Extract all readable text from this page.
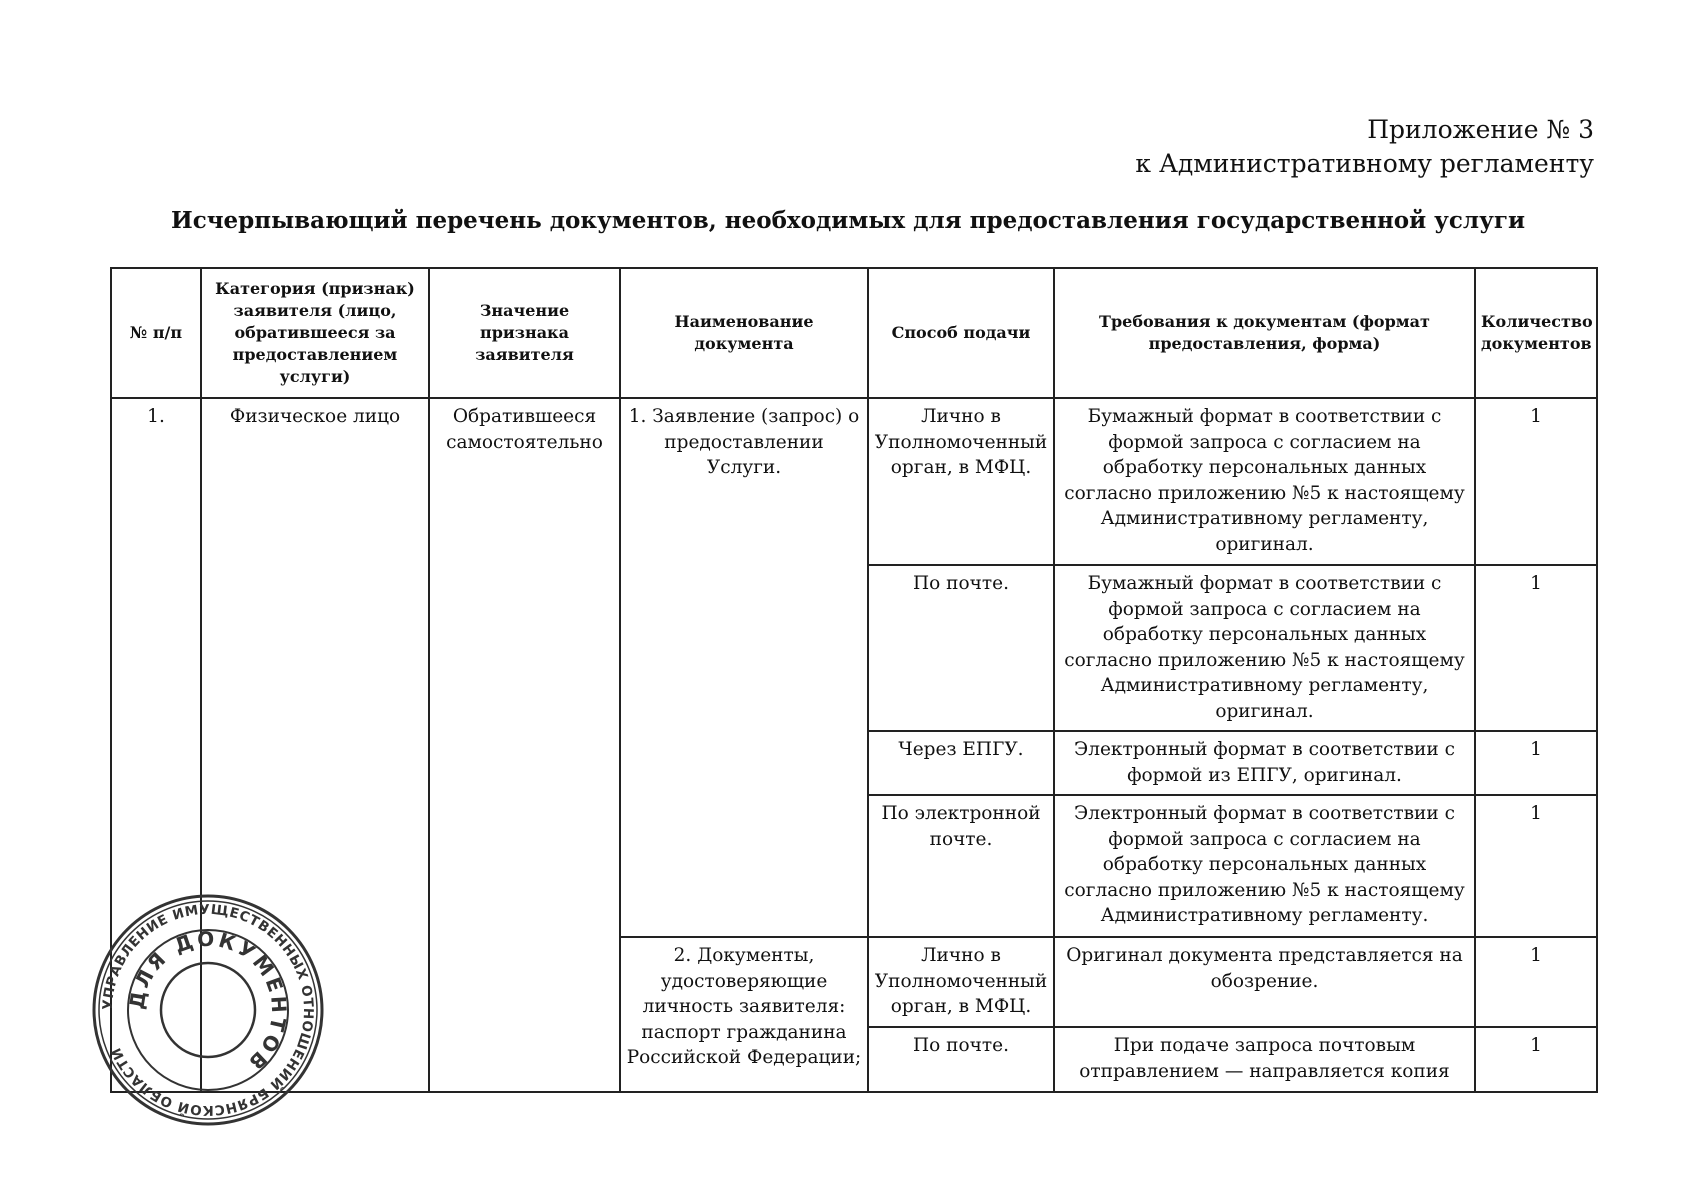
Приложение № 3
к Административному регламенту
Исчерпывающий перечень документов, необходимых для предоставления государственной услуги
№ п/п	Категория (признак) заявителя (лицо, обратившееся за предоставлением услуги)	Значение признака заявителя	Наименование документа	Способ подачи	Требования к документам (формат предоставления, форма)	Количество документов
1.	Физическое лицо	Обратившееся самостоятельно	1. Заявление (запрос) о предоставлении Услуги.	Лично в Уполномоченный орган, в МФЦ.	Бумажный формат в соответствии с формой запроса с согласием на обработку персональных данных согласно приложению №5 к настоящему Административному регламенту, оригинал.	1
				По почте.	Бумажный формат в соответствии с формой запроса с согласием на обработку персональных данных согласно приложению №5 к настоящему Административному регламенту, оригинал.	1
				Через ЕПГУ.	Электронный формат в соответствии с формой из ЕПГУ, оригинал.	1
				По электронной почте.	Электронный формат в соответствии с формой запроса с согласием на обработку персональных данных согласно приложению №5 к настоящему Административному регламенту.	1
			2. Документы, удостоверяющие личность заявителя: паспорт гражданина Российской Федерации;	Лично в Уполномоченный орган, в МФЦ.	Оригинал документа представляется на обозрение.	1
				По почте.	При подаче запроса почтовым отправлением — направляется копия	1
УПРАВЛЕНИЕ ИМУЩЕСТВЕННЫХ ОТНОШЕНИЙ БРЯНСКОЙ ОБЛАСТИ
ДЛЯ ДОКУМЕНТОВ
